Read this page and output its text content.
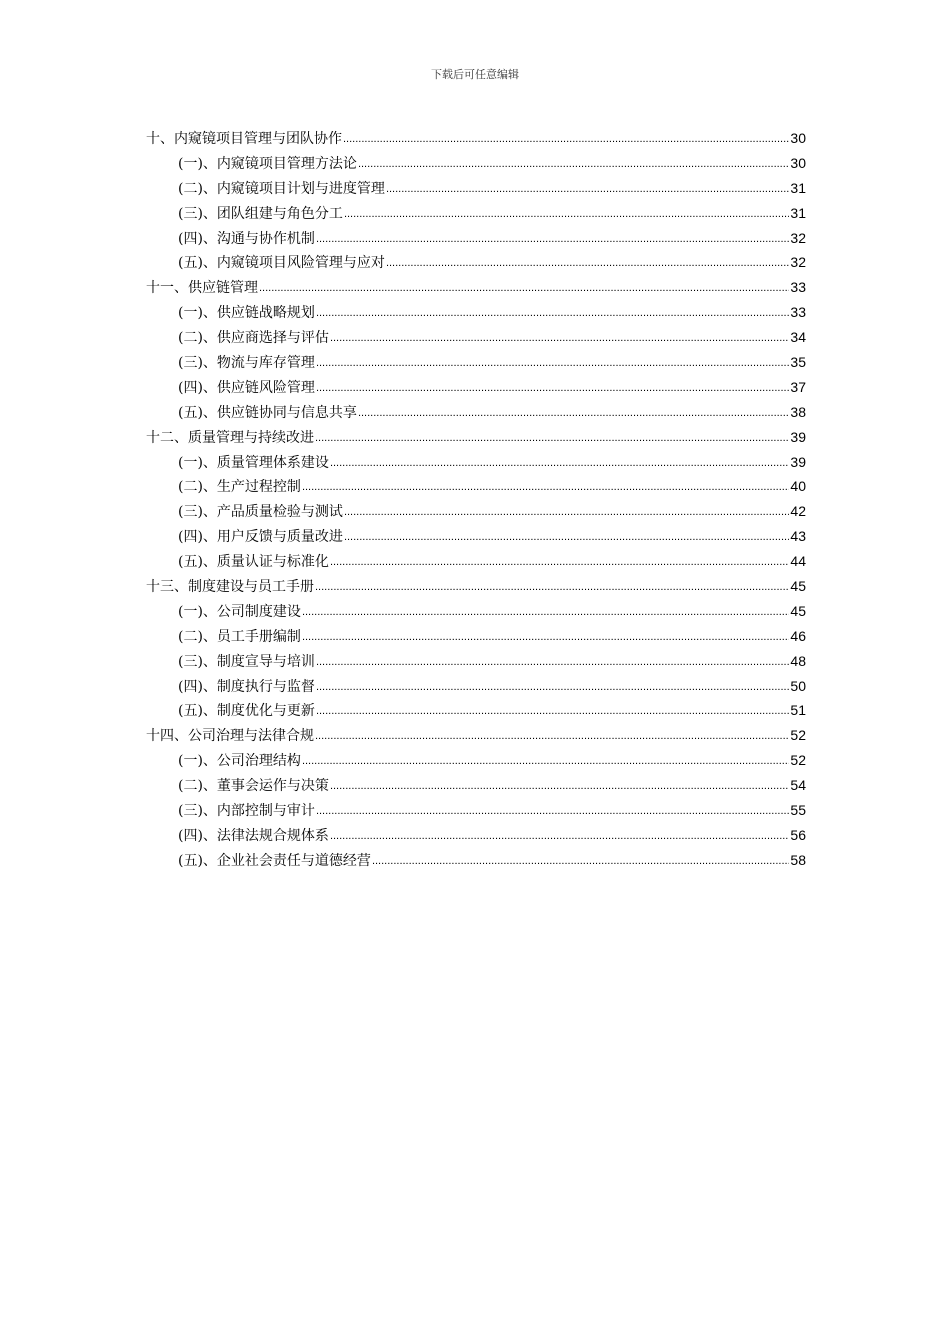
下载后可任意编辑
十、内窥镜项目管理与团队协作 .....	30
(一)、内窥镜项目管理方法论 .....	30
(二)、内窥镜项目计划与进度管理 .....	31
(三)、团队组建与角色分工 .....	31
(四)、沟通与协作机制 .....	32
(五)、内窥镜项目风险管理与应对 .....	32
十一、供应链管理 .....	33
(一)、供应链战略规划 .....	33
(二)、供应商选择与评估 .....	34
(三)、物流与库存管理 .....	35
(四)、供应链风险管理 .....	37
(五)、供应链协同与信息共享 .....	38
十二、质量管理与持续改进 .....	39
(一)、质量管理体系建设 .....	39
(二)、生产过程控制 .....	40
(三)、产品质量检验与测试 .....	42
(四)、用户反馈与质量改进 .....	43
(五)、质量认证与标准化 .....	44
十三、制度建设与员工手册 .....	45
(一)、公司制度建设 .....	45
(二)、员工手册编制 .....	46
(三)、制度宣导与培训 .....	48
(四)、制度执行与监督 .....	50
(五)、制度优化与更新 .....	51
十四、公司治理与法律合规 .....	52
(一)、公司治理结构 .....	52
(二)、董事会运作与决策 .....	54
(三)、内部控制与审计 .....	55
(四)、法律法规合规体系 .....	56
(五)、企业社会责任与道德经营 .....	58
